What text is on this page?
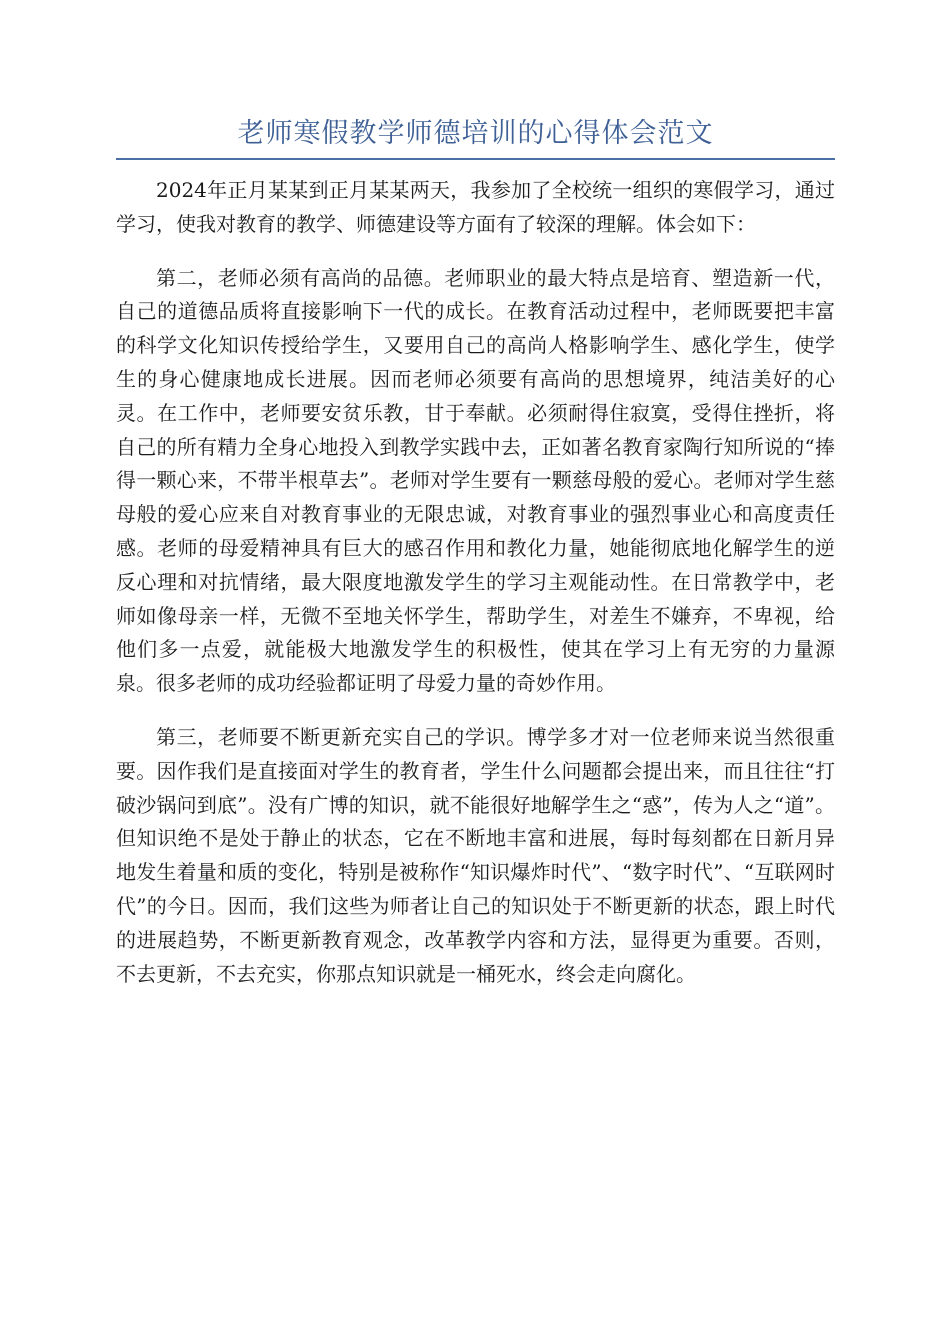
老师寒假教学师德培训的心得体会范文

2024年正月某某到正月某某两天，我参加了全校统一组织的寒假学习，通过学习，使我对教育的教学、师德建设等方面有了较深的理解。体会如下：

第二，老师必须有高尚的品德。老师职业的最大特点是培育、塑造新一代，自己的道德品质将直接影响下一代的成长。在教育活动过程中，老师既要把丰富的科学文化知识传授给学生，又要用自己的高尚人格影响学生、感化学生，使学生的身心健康地成长进展。因而老师必须要有高尚的思想境界，纯洁美好的心灵。在工作中，老师要安贫乐教，甘于奉献。必须耐得住寂寞，受得住挫折，将自己的所有精力全身心地投入到教学实践中去，正如著名教育家陶行知所说的“捧得一颗心来，不带半根草去”。老师对学生要有一颗慈母般的爱心。老师对学生慈母般的爱心应来自对教育事业的无限忠诚，对教育事业的强烈事业心和高度责任感。老师的母爱精神具有巨大的感召作用和教化力量，她能彻底地化解学生的逆反心理和对抗情绪，最大限度地激发学生的学习主观能动性。在日常教学中，老师如像母亲一样，无微不至地关怀学生，帮助学生，对差生不嫌弃，不卑视，给他们多一点爱，就能极大地激发学生的积极性，使其在学习上有无穷的力量源泉。很多老师的成功经验都证明了母爱力量的奇妙作用。

第三，老师要不断更新充实自己的学识。博学多才对一位老师来说当然很重要。因作我们是直接面对学生的教育者，学生什么问题都会提出来，而且往往“打破沙锅问到底”。没有广博的知识，就不能很好地解学生之“惑”，传为人之“道”。但知识绝不是处于静止的状态，它在不断地丰富和进展，每时每刻都在日新月异地发生着量和质的变化，特别是被称作“知识爆炸时代”、“数字时代”、“互联网时代”的今日。因而，我们这些为师者让自己的知识处于不断更新的状态，跟上时代的进展趋势，不断更新教育观念，改革教学内容和方法，显得更为重要。否则，不去更新，不去充实，你那点知识就是一桶死水，终会走向腐化。
